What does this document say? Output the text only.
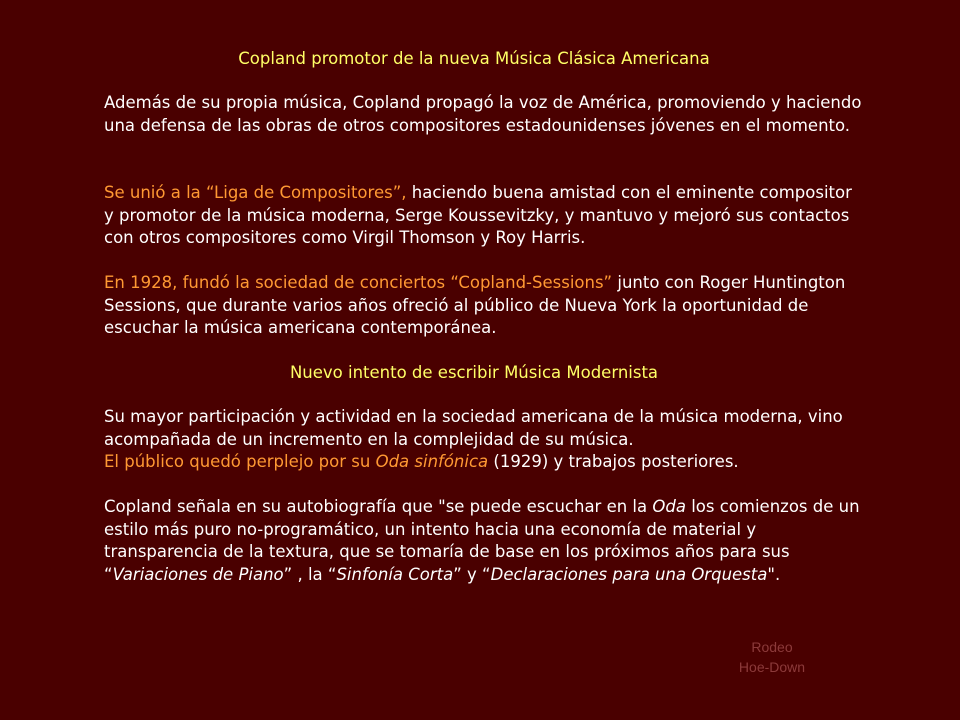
Copland promotor de la nueva Música Clásica Americana
Además de su propia música, Copland propagó la voz de América, promoviendo y haciendo una defensa de las obras de otros compositores estadounidenses jóvenes en el momento.
Se unió a la “Liga de Compositores”, haciendo buena amistad con el eminente compositor y promotor de la música moderna, Serge Koussevitzky, y mantuvo y mejoró sus contactos con otros compositores como Virgil Thomson y Roy Harris.
En 1928, fundó la sociedad de conciertos “Copland-Sessions” junto con Roger Huntington Sessions, que durante varios años ofreció al público de Nueva York la oportunidad de escuchar la música americana contemporánea.
Nuevo intento de escribir Música Modernista
Su mayor participación y actividad en la sociedad americana de la música moderna, vino acompañada de un incremento en la complejidad de su música.
El público quedó perplejo por su Oda sinfónica (1929) y trabajos posteriores.
Copland señala en su autobiografía que "se puede escuchar en la Oda los comienzos de un estilo más puro no-programático, un intento hacia una economía de material y transparencia de la textura, que se tomaría de base en los próximos años para sus “Variaciones de Piano” , la “Sinfonía Corta” y “Declaraciones para una Orquesta".
Rodeo
Hoe-Down
